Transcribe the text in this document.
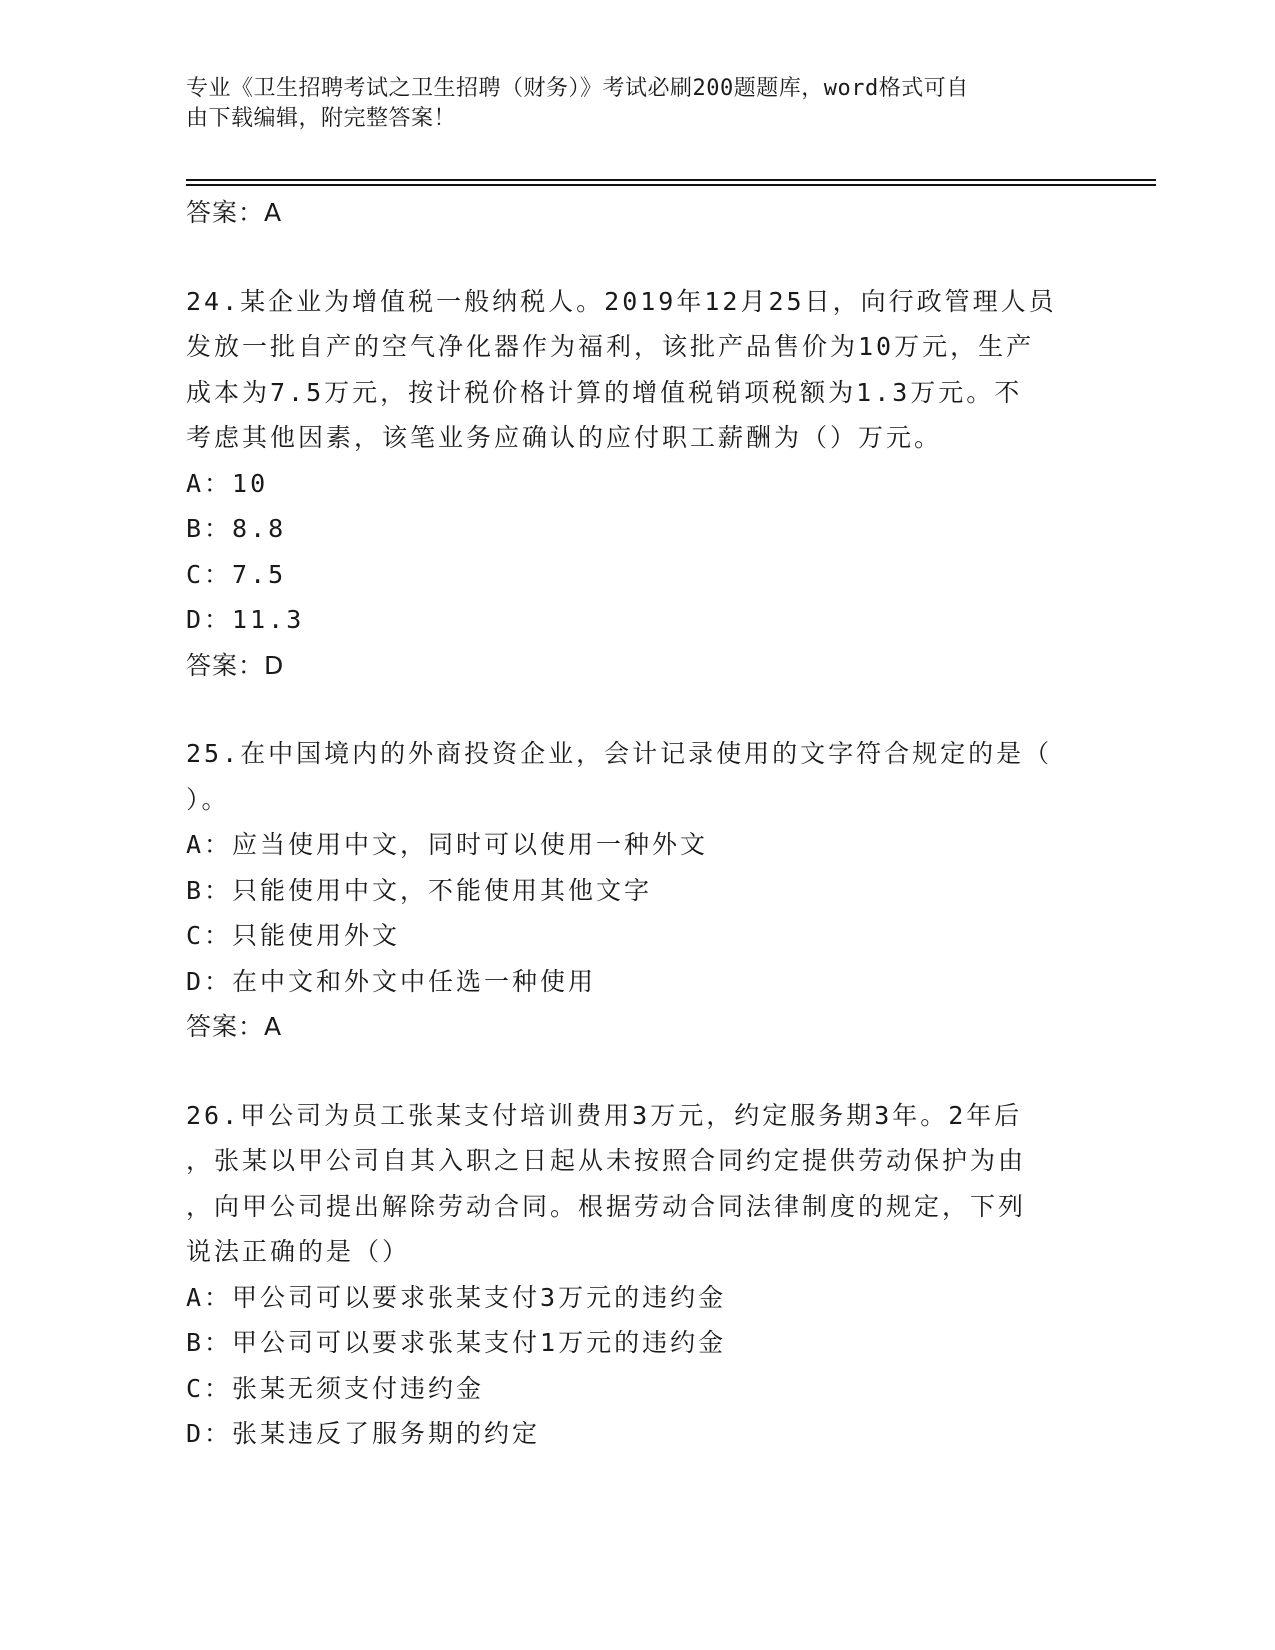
专业《卫生招聘考试之卫生招聘（财务）》考试必刷200题题库，word格式可自
由下载编辑，附完整答案！
答案：A
24.某企业为增值税一般纳税人。2019年12月25日，向行政管理人员
发放一批自产的空气净化器作为福利，该批产品售价为10万元，生产
成本为7.5万元，按计税价格计算的增值税销项税额为1.3万元。不
考虑其他因素，该笔业务应确认的应付职工薪酬为（）万元。
A：10
B：8.8
C：7.5
D：11.3
答案：D
25.在中国境内的外商投资企业，会计记录使用的文字符合规定的是（
）。
A：应当使用中文，同时可以使用一种外文
B：只能使用中文，不能使用其他文字
C：只能使用外文
D：在中文和外文中任选一种使用
答案：A
26.甲公司为员工张某支付培训费用3万元，约定服务期3年。2年后
，张某以甲公司自其入职之日起从未按照合同约定提供劳动保护为由
，向甲公司提出解除劳动合同。根据劳动合同法律制度的规定，下列
说法正确的是（）
A：甲公司可以要求张某支付3万元的违约金
B：甲公司可以要求张某支付1万元的违约金
C：张某无须支付违约金
D：张某违反了服务期的约定
